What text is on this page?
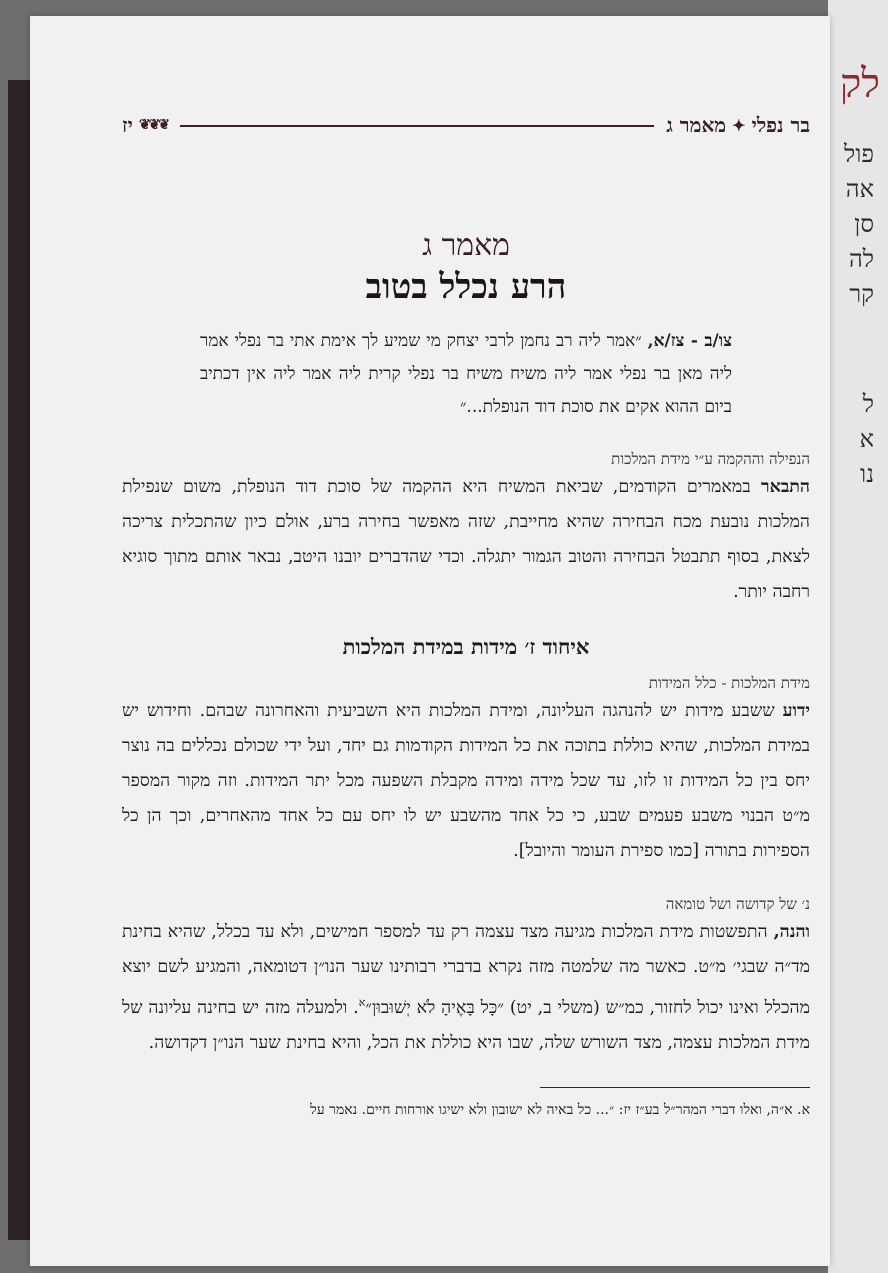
לק
פול
אה
סן
לה
קר
ל
א
נו
בר נפלי
✦
מאמר ג
❦❦❦
יז
מאמר ג
הרע נכלל בטוב
צו/ב - צז/א, ״אמר ליה רב נחמן לרבי יצחק מי שמיע לך אימת אתי בר נפלי אמר ליה מאן בר נפלי אמר ליה משיח משיח בר נפלי קרית ליה אמר ליה אין דכתיב ביום ההוא אקים את סוכת דוד הנופלת...״
הנפילה וההקמה ע״י מידת המלכות
התבאר במאמרים הקודמים, שביאת המשיח היא ההקמה של סוכת דוד הנופלת, משום שנפילת המלכות נובעת מכח הבחירה שהיא מחייבת, שזה מאפשר בחירה ברע, אולם כיון שהתכלית צריכה לצאת, בסוף תתבטל הבחירה והטוב הגמור יתגלה. וכדי שהדברים יובנו היטב, נבאר אותם מתוך סוגיא רחבה יותר.
איחוד ז׳ מידות במידת המלכות
מידת המלכות - כלל המידות
ידוע ששבע מידות יש להנהגה העליונה, ומידת המלכות היא השביעית והאחרונה שבהם. וחידוש יש במידת המלכות, שהיא כוללת בתוכה את כל המידות הקודמות גם יחד, ועל ידי שכולם נכללים בה נוצר יחס בין כל המידות זו לזו, עד שכל מידה ומידה מקבלת השפעה מכל יתר המידות. וזה מקור המספר מ״ט הבנוי משבע פעמים שבע, כי כל אחד מהשבע יש לו יחס עם כל אחד מהאחרים, וכך הן כל הספירות בתורה [כמו ספירת העומר והיובל].
נ׳ של קדושה ושל טומאה
והנה, התפשטות מידת המלכות מגיעה מצד עצמה רק עד למספר חמישים, ולא עד בכלל, שהיא בחינת מד״ה שבגי׳ מ״ט. כאשר מה שלמטה מזה נקרא בדברי רבותינו שער הנו״ן דטומאה, והמגיע לשם יוצא מהכלל ואינו יכול לחזור, כמ״ש (משלי ב, יט) ״כָּל בָּאֶיהָ לֹא יְשׁוּבוּן״$^א$. ולמעלה מזה יש בחינה עליונה של מידת המלכות עצמה, מצד השורש שלה, שבו היא כוללת את הכל, והיא בחינת שער הנו״ן דקדושה.
א. א״ה, ואלו דברי המהר״ל בע״ז יז: ״... כל באיה לא ישובון ולא ישיגו אורחות חיים. נאמר על
